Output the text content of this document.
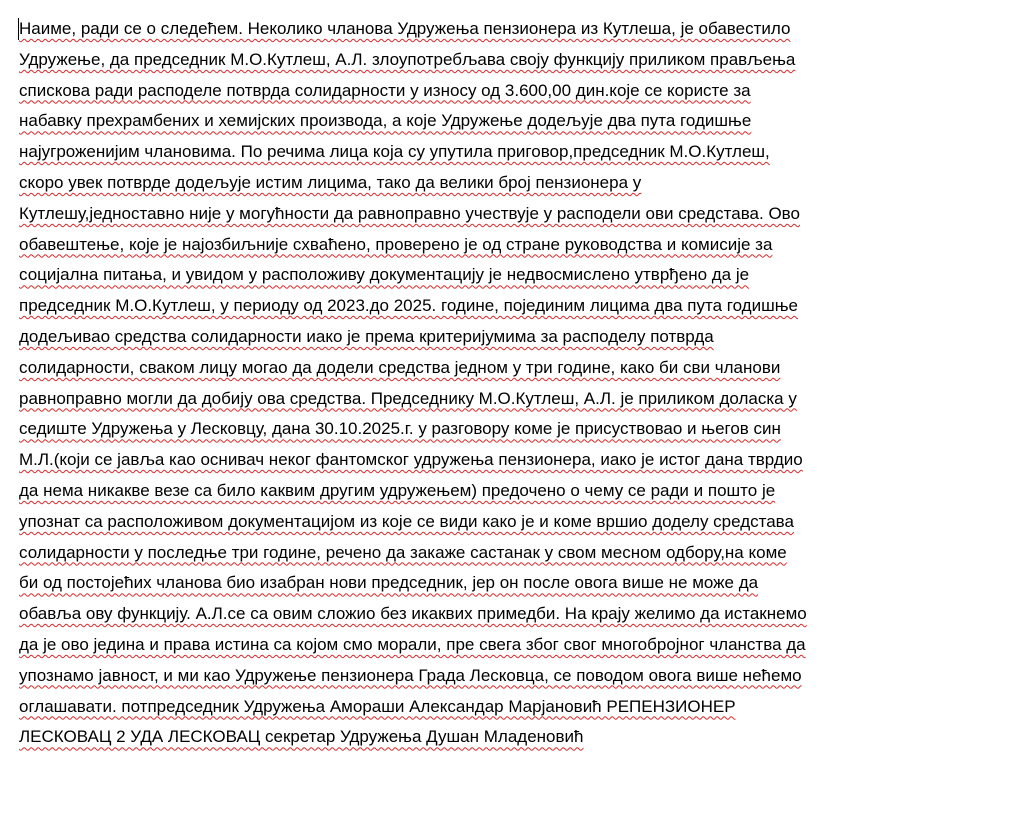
Наиме, ради се о следећем. Неколико чланова Удружења пензионера из Кутлеша, је обавестило
Удружење, да председник М.О.Кутлеш, А.Л. злоупотребљава своју функцију приликом прављења
спискова ради расподеле потврда солидарности у износу од 3.600,00 дин.које се користе за
набавку прехрамбених и хемијских производа, а које Удружење додељује два пута годишње
најугроженијим члановима. По речима лица која су упутила приговор,председник М.О.Кутлеш,
скоро увек потврде додељује истим лицима, тако да велики број пензионера у
Кутлешу,једноставно није у могућности да равноправно учествује у расподели ови средстава. Ово
обавештење, које је најозбиљније схваћено, проверено је од стране руководства и комисије за
социјална питања, и увидом у расположиву документацију је недвосмислено утврђено да је
председник М.О.Кутлеш, у периоду од 2023.до 2025. године, појединим лицима два пута годишње
додељивао средства солидарности иако је према критеријумима за расподелу потврда
солидарности, сваком лицу могао да додели средства једном у три године, како би сви чланови
равноправно могли да добију ова средства. Председнику М.О.Кутлеш, А.Л. је приликом доласка у
седиште Удружења у Лесковцу, дана 30.10.2025.г. у разговору коме је присуствовао и његов син
М.Л.(који се јавља као оснивач неког фантомског удружења пензионера, иако је истог дана тврдио
да нема никакве везе са било каквим другим удружењем) предочено о чему се ради и пошто је
упознат са расположивом документацијом из које се види како је и коме вршио доделу средстава
солидарности у последње три године, речено да закаже састанак у свом месном одбору,на коме
би од постојећих чланова био изабран нови председник, јер он после овога више не може да
обавља ову функцију. А.Л.се са овим сложио без икаквих примедби. На крају желимо да истакнемо
да је ово једина и права истина са којом смо морали, пре свега због свог многобројног чланства да
упознамо јавност, и ми као Удружење пензионера Града Лесковца, се поводом овога више нећемо
оглашавати. потпредседник Удружења Амораши Александар Марјановић РЕПЕНЗИОНЕР
ЛЕСКОВАЦ 2 УДА ЛЕСКОВАЦ секретар Удружења Душан Младеновић
